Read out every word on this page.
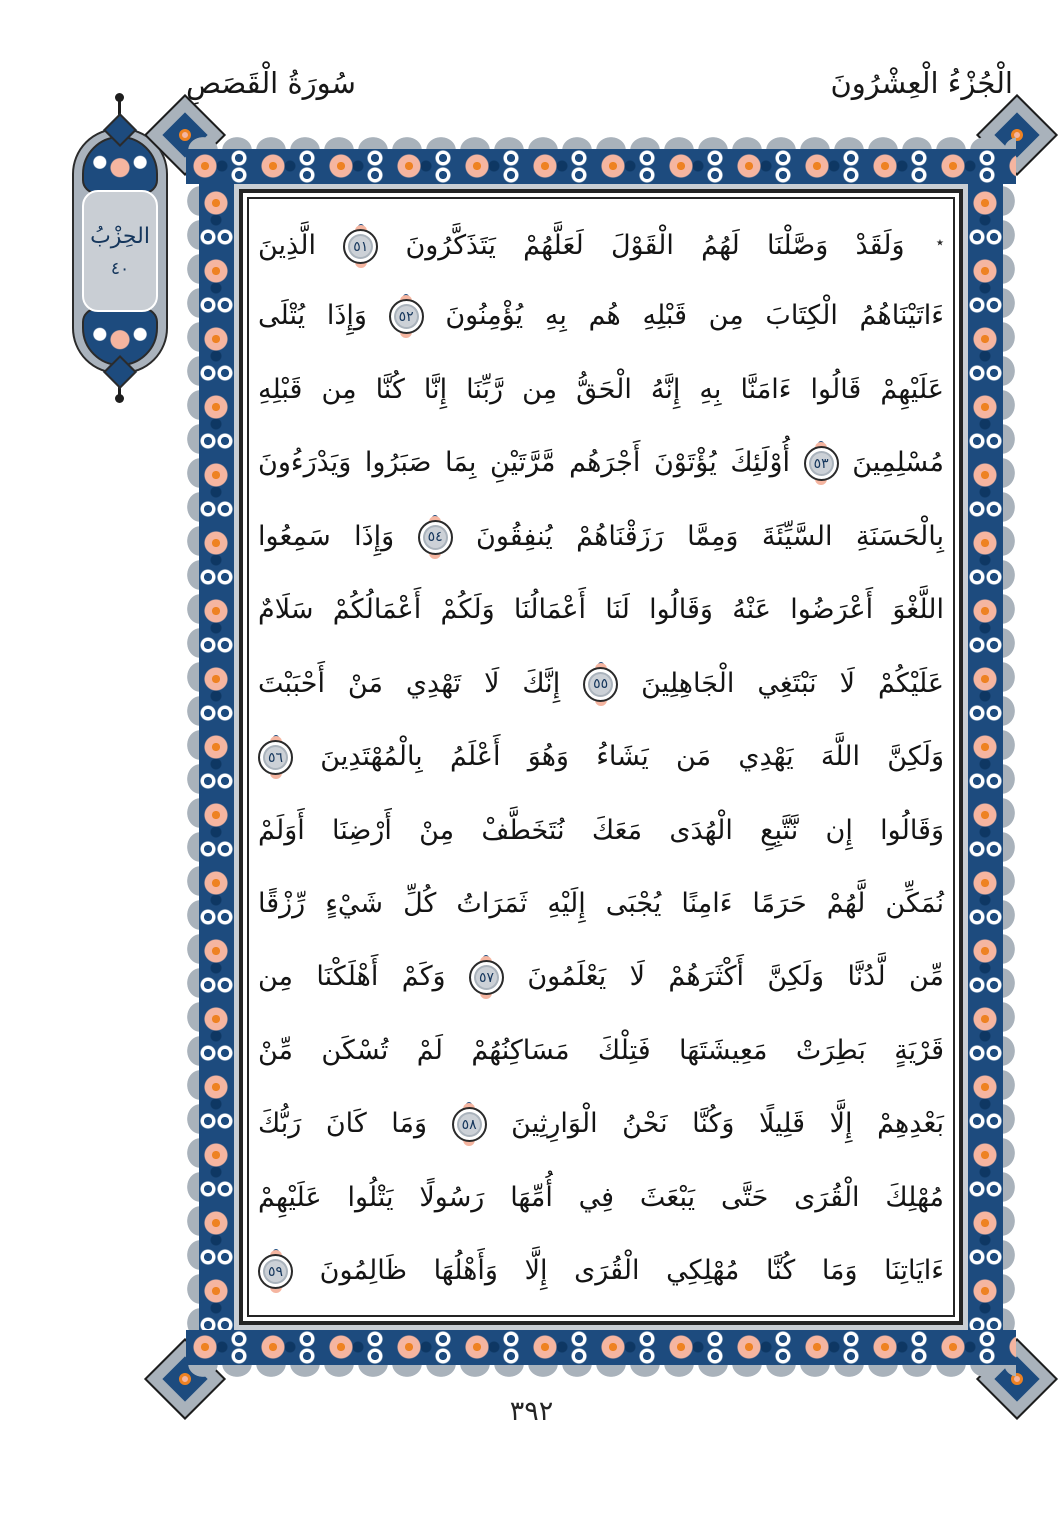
سُورَةُ الْقَصَصِ	الْجُزْءُ الْعِشْرُونَ
الحِزْبُ
٤٠
٭ وَلَقَدْ وَصَّلْنَا لَهُمُ الْقَوْلَ لَعَلَّهُمْ يَتَذَكَّرُونَ
٥١
الَّذِينَ
ءَاتَيْنَاهُمُ الْكِتَابَ مِن قَبْلِهِ هُم بِهِ يُؤْمِنُونَ
٥٢
وَإِذَا يُتْلَى
عَلَيْهِمْ قَالُوا ءَامَنَّا بِهِ إِنَّهُ الْحَقُّ مِن رَّبِّنَا إِنَّا كُنَّا مِن قَبْلِهِ
مُسْلِمِينَ
٥٣
أُوْلَئِكَ يُؤْتَوْنَ أَجْرَهُم مَّرَّتَيْنِ بِمَا صَبَرُوا وَيَدْرَءُونَ
بِالْحَسَنَةِ السَّيِّئَةَ وَمِمَّا رَزَقْنَاهُمْ يُنفِقُونَ
٥٤
وَإِذَا سَمِعُوا
اللَّغْوَ أَعْرَضُوا عَنْهُ وَقَالُوا لَنَا أَعْمَالُنَا وَلَكُمْ أَعْمَالُكُمْ سَلَامٌ
عَلَيْكُمْ لَا نَبْتَغِي الْجَاهِلِينَ
٥٥
إِنَّكَ لَا تَهْدِي مَنْ أَحْبَبْتَ
وَلَكِنَّ اللَّهَ يَهْدِي مَن يَشَاءُ وَهُوَ أَعْلَمُ بِالْمُهْتَدِينَ
٥٦
وَقَالُوا إِن نَّتَّبِعِ الْهُدَى مَعَكَ نُتَخَطَّفْ مِنْ أَرْضِنَا أَوَلَمْ
نُمَكِّن لَّهُمْ حَرَمًا ءَامِنًا يُجْبَى إِلَيْهِ ثَمَرَاتُ كُلِّ شَيْءٍ رِّزْقًا
مِّن لَّدُنَّا وَلَكِنَّ أَكْثَرَهُمْ لَا يَعْلَمُونَ
٥٧
وَكَمْ أَهْلَكْنَا مِن
قَرْيَةٍ بَطِرَتْ مَعِيشَتَهَا فَتِلْكَ مَسَاكِنُهُمْ لَمْ تُسْكَن مِّنْ
بَعْدِهِمْ إِلَّا قَلِيلًا وَكُنَّا نَحْنُ الْوَارِثِينَ
٥٨
وَمَا كَانَ رَبُّكَ
مُهْلِكَ الْقُرَى حَتَّى يَبْعَثَ فِي أُمِّهَا رَسُولًا يَتْلُوا عَلَيْهِمْ
ءَايَاتِنَا وَمَا كُنَّا مُهْلِكِي الْقُرَى إِلَّا وَأَهْلُهَا ظَالِمُونَ
٥٩
٣٩٢
